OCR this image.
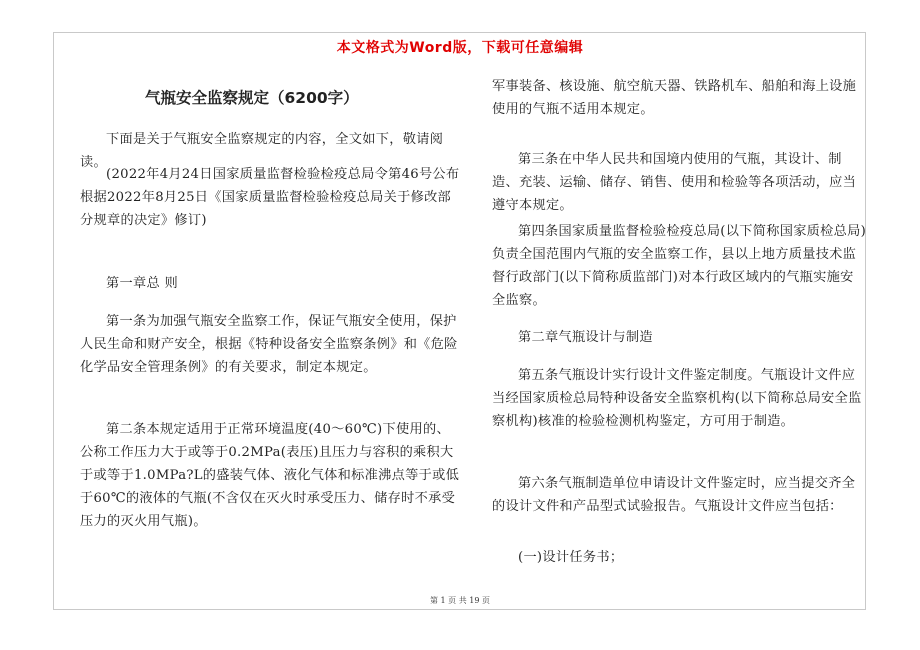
本文格式为Word版，下载可任意编辑
气瓶安全监察规定（6200字）

下面是关于气瓶安全监察规定的内容，全文如下，敬请阅读。

(2022年4月24日国家质量监督检验检疫总局令第46号公布根据2022年8月25日《国家质量监督检验检疫总局关于修改部分规章的决定》修订)

第一章总 则

第一条为加强气瓶安全监察工作，保证气瓶安全使用，保护人民生命和财产安全，根据《特种设备安全监察条例》和《危险化学品安全管理条例》的有关要求，制定本规定。

第二条本规定适用于正常环境温度(40～60℃)下使用的、公称工作压力大于或等于0.2MPa(表压)且压力与容积的乘积大于或等于1.0MPa?L的盛装气体、液化气体和标准沸点等于或低于60℃的液体的气瓶(不含仅在灭火时承受压力、储存时不承受压力的灭火用气瓶)。

军事装备、核设施、航空航天器、铁路机车、船舶和海上设施使用的气瓶不适用本规定。

第三条在中华人民共和国境内使用的气瓶，其设计、制造、充装、运输、储存、销售、使用和检验等各项活动，应当遵守本规定。

第四条国家质量监督检验检疫总局(以下简称国家质检总局)负责全国范围内气瓶的安全监察工作，县以上地方质量技术监督行政部门(以下简称质监部门)对本行政区域内的气瓶实施安全监察。

第二章气瓶设计与制造

第五条气瓶设计实行设计文件鉴定制度。气瓶设计文件应当经国家质检总局特种设备安全监察机构(以下简称总局安全监察机构)核准的检验检测机构鉴定，方可用于制造。

第六条气瓶制造单位申请设计文件鉴定时，应当提交齐全的设计文件和产品型式试验报告。气瓶设计文件应当包括：

(一)设计任务书；

第 1 页 共 19 页
